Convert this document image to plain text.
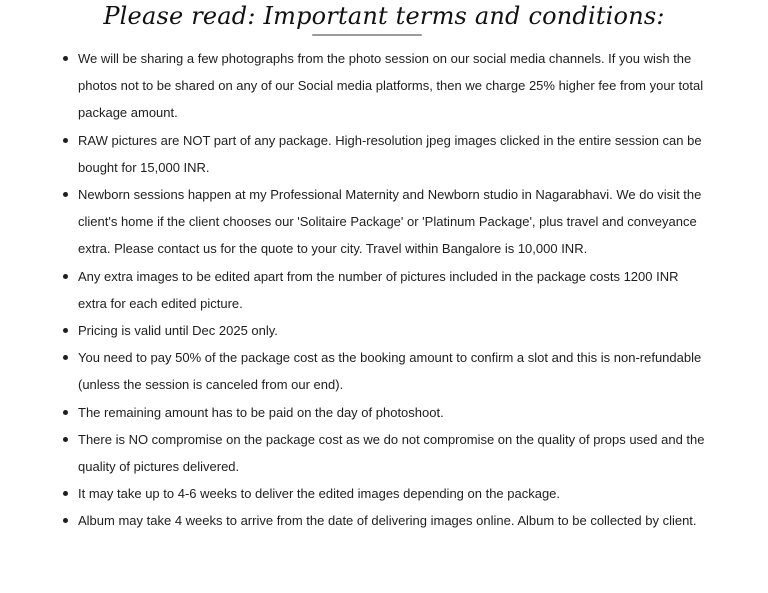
Please read: Important terms and conditions:
We will be sharing a few photographs from the photo session on our social media channels. If you wish the
photos not to be shared on any of our Social media platforms, then we charge 25% higher fee from your total
package amount.
RAW pictures are NOT part of any package. High-resolution jpeg images clicked in the entire session can be
bought for 15,000 INR.
Newborn sessions happen at my Professional Maternity and Newborn studio in Nagarabhavi. We do visit the
client's home if the client chooses our 'Solitaire Package' or 'Platinum Package', plus travel and conveyance
extra. Please contact us for the quote to your city. Travel within Bangalore is 10,000 INR.
Any extra images to be edited apart from the number of pictures included in the package costs 1200 INR
extra for each edited picture.
Pricing is valid until Dec 2025 only.
You need to pay 50% of the package cost as the booking amount to confirm a slot and this is non-refundable
(unless the session is canceled from our end).
The remaining amount has to be paid on the day of photoshoot.
There is NO compromise on the package cost as we do not compromise on the quality of props used and the
quality of pictures delivered.
It may take up to 4-6 weeks to deliver the edited images depending on the package.
Album may take 4 weeks to arrive from the date of delivering images online. Album to be collected by client.
